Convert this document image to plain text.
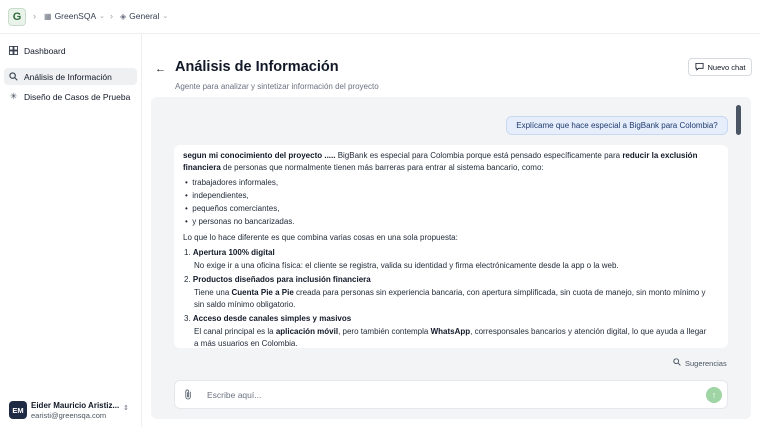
G	› ▦ GreenSQA ⌄ › ◈ General ⌄
Dashboard
Análisis de Información
✳ Diseño de Casos de Prueba
EM Eider Mauricio Aristiz...
earisti@greensqa.com
⇕
← Análisis de Información
Agente para analizar y sintetizar información del proyecto
Nuevo chat
Explícame que hace especial a BigBank para Colombia?
segun mi conocimiento del proyecto ..... BigBank es especial para Colombia porque está pensado específicamente para reducir la exclusión
financiera de personas que normalmente tienen más barreras para entrar al sistema bancario, como:
•  trabajadores informales,
•  independientes,
•  pequeños comerciantes,
•  y personas no bancarizadas.
Lo que lo hace diferente es que combina varias cosas en una sola propuesta:
1. Apertura 100% digital
No exige ir a una oficina física: el cliente se registra, valida su identidad y firma electrónicamente desde la app o la web.
2. Productos diseñados para inclusión financiera
Tiene una Cuenta Pie a Pie creada para personas sin experiencia bancaria, con apertura simplificada, sin cuota de manejo, sin monto mínimo y
sin saldo mínimo obligatorio.
3. Acceso desde canales simples y masivos
El canal principal es la aplicación móvil, pero también contempla WhatsApp, corresponsales bancarios y atención digital, lo que ayuda a llegar
a más usuarios en Colombia.
Sugerencias
Escribe aquí...
↑
